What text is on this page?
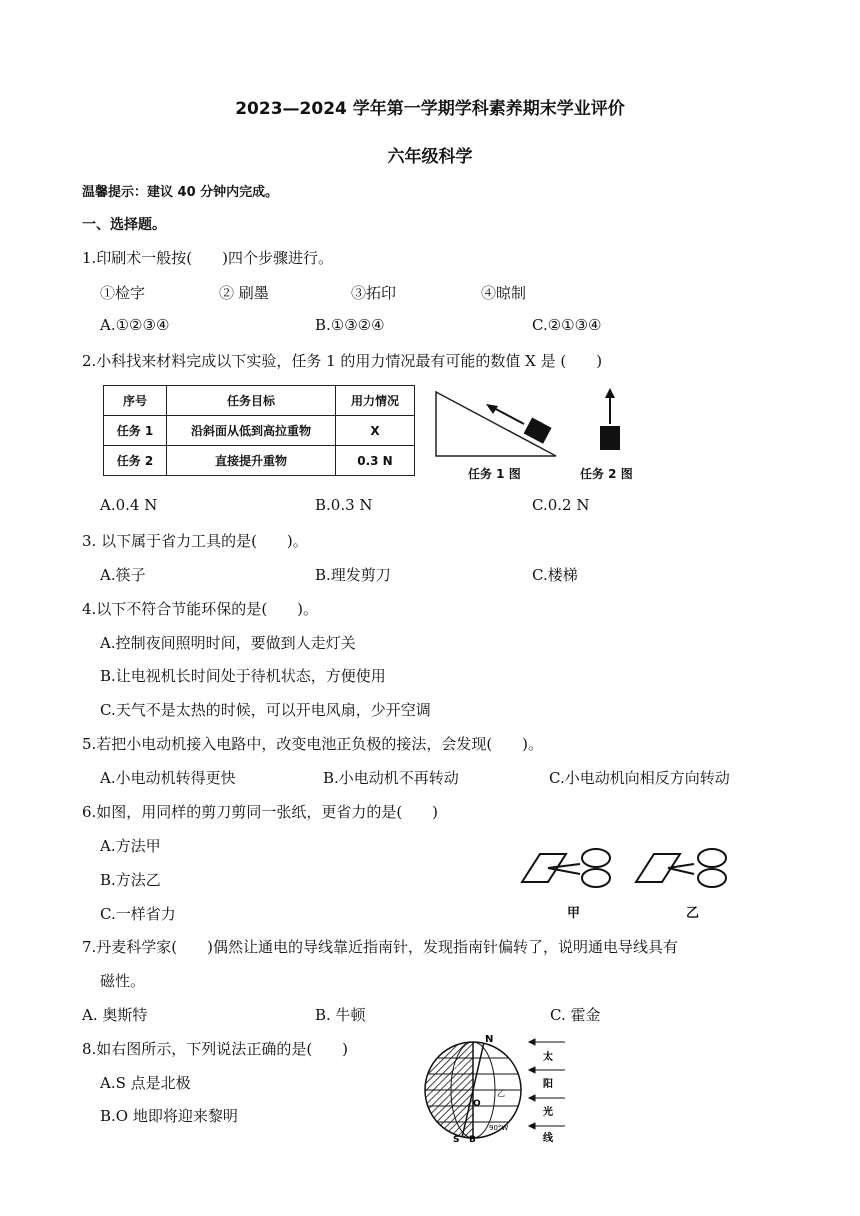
2023—2024 学年第一学期学科素养期末学业评价
六年级科学
温馨提示：建议 40 分钟内完成。
一、选择题。
1.印刷术一般按(　　)四个步骤进行。
①检字	② 刷墨	③拓印	④晾制
A.①②③④	B.①③②④	C.②①③④
2.小科找来材料完成以下实验，任务 1 的用力情况最有可能的数值 X 是 (　　)
序号	任务目标	用力情况
任务 1	沿斜面从低到高拉重物	X
任务 2	直接提升重物	0.3 N
任务 1 图	任务 2 图
A.0.4 N	B.0.3 N	C.0.2 N
3. 以下属于省力工具的是(　　)。
A.筷子	B.理发剪刀	C.楼梯
4.以下不符合节能环保的是(　　)。
A.控制夜间照明时间，要做到人走灯关
B.让电视机长时间处于待机状态，方便使用
C.天气不是太热的时候，可以开电风扇，少开空调
5.若把小电动机接入电路中，改变电池正负极的接法，会发现(　　)。
A.小电动机转得更快	B.小电动机不再转动	C.小电动机向相反方向转动
6.如图，用同样的剪刀剪同一张纸，更省力的是(　　)
A.方法甲
B.方法乙
C.一样省力	甲	乙
7.丹麦科学家(　　)偶然让通电的导线靠近指南针，发现指南针偏转了，说明通电导线具有
磁性。
A. 奥斯特	B. 牛顿	C. 霍金
8.如右图所示，下列说法正确的是(　　)
A.S 点是北极
B.O 地即将迎来黎明
N
S
O
B
乙
甲
90°W
太
阳
光
线
